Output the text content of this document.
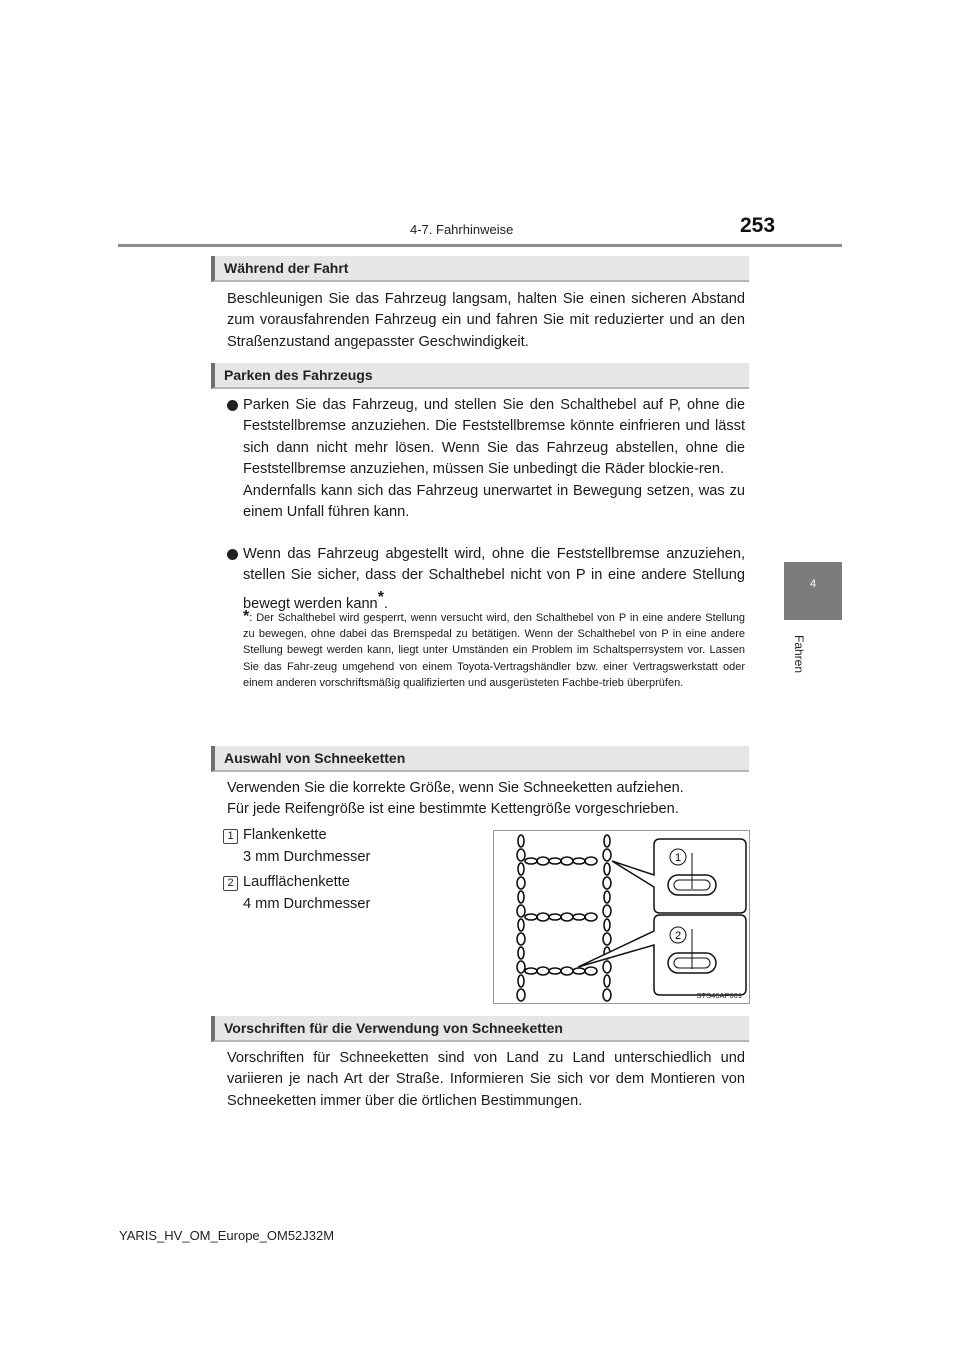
4-7. Fahrhinweise	253
4
Fahren
Während der Fahrt

Beschleunigen Sie das Fahrzeug langsam, halten Sie einen sicheren Abstand zum vorausfahrenden Fahrzeug ein und fahren Sie mit reduzierter und an den Straßenzustand angepasster Geschwindigkeit.

Parken des Fahrzeugs
Parken Sie das Fahrzeug, und stellen Sie den Schalthebel auf P, ohne die Feststellbremse anzuziehen. Die Feststellbremse könnte einfrieren und lässt sich dann nicht mehr lösen. Wenn Sie das Fahrzeug abstellen, ohne die Feststellbremse anzuziehen, müssen Sie unbedingt die Räder blockie-ren.
Andernfalls kann sich das Fahrzeug unerwartet in Bewegung setzen, was zu einem Unfall führen kann.
Wenn das Fahrzeug abgestellt wird, ohne die Feststellbremse anzuziehen, stellen Sie sicher, dass der Schalthebel nicht von P in eine andere Stellung bewegt werden kann*.
*: Der Schalthebel wird gesperrt, wenn versucht wird, den Schalthebel von P in eine andere Stellung zu bewegen, ohne dabei das Bremspedal zu betätigen. Wenn der Schalthebel von P in eine andere Stellung bewegt werden kann, liegt unter Umständen ein Problem im Schaltsperrsystem vor. Lassen Sie das Fahr-zeug umgehend von einem Toyota-Vertragshändler bzw. einer Vertragswerkstatt oder einem anderen vorschriftsmäßig qualifizierten und ausgerüsteten Fachbe-trieb überprüfen.
Auswahl von Schneeketten
Verwenden Sie die korrekte Größe, wenn Sie Schneeketten aufziehen.
Für jede Reifengröße ist eine bestimmte Kettengröße vorgeschrieben.
1 Flankenkette
3 mm Durchmesser
2 Laufflächenkette
4 mm Durchmesser
1
2
STS46AP001
Vorschriften für die Verwendung von Schneeketten

Vorschriften für Schneeketten sind von Land zu Land unterschiedlich und variieren je nach Art der Straße. Informieren Sie sich vor dem Montieren von Schneeketten immer über die örtlichen Bestimmungen.

YARIS_HV_OM_Europe_OM52J32M
